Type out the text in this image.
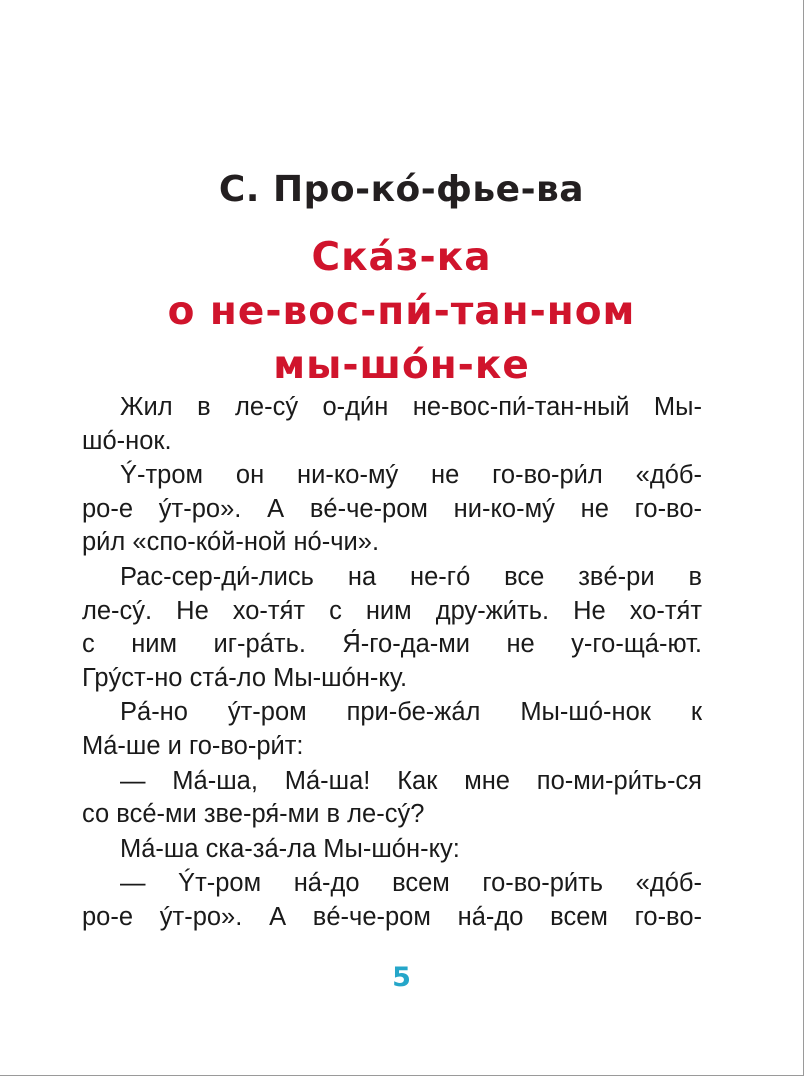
С. Про-кó-фье-ва
Скáз-ка
о не-вос-пи́-тан-ном
мы-шóн-ке
Жил в ле-сý о-ди́н не-вос-пи́-тан-ный Мы-
шó-нок.
Ý-тром он ни-ко-мý не го-во-ри́л «дóб-
ро-е ýт-ро». А вé-че-ром ни-ко-мý не го-во-
ри́л «спо-кóй-ной нó-чи».
Рас-сер-ди́-лись на не-гó все звé-ри в
ле-сý. Не хо-тя́т с ним дру-жи́ть. Не хо-тя́т
с ним иг-рáть. Я́-го-да-ми не у-го-щá-ют.
Грýст-но стá-ло Мы-шóн-ку.
Рá-но ýт-ром при-бе-жáл Мы-шó-нок к
Мá-ше и го-во-ри́т:
— Мá-ша, Мá-ша! Как мне по-ми-ри́ть-ся
со всé-ми зве-ря́-ми в ле-сý?
Мá-ша ска-зá-ла Мы-шóн-ку:
— Ýт-ром нá-до всем го-во-ри́ть «дóб-
ро-е ýт-ро». А вé-че-ром нá-до всем го-во-
5
